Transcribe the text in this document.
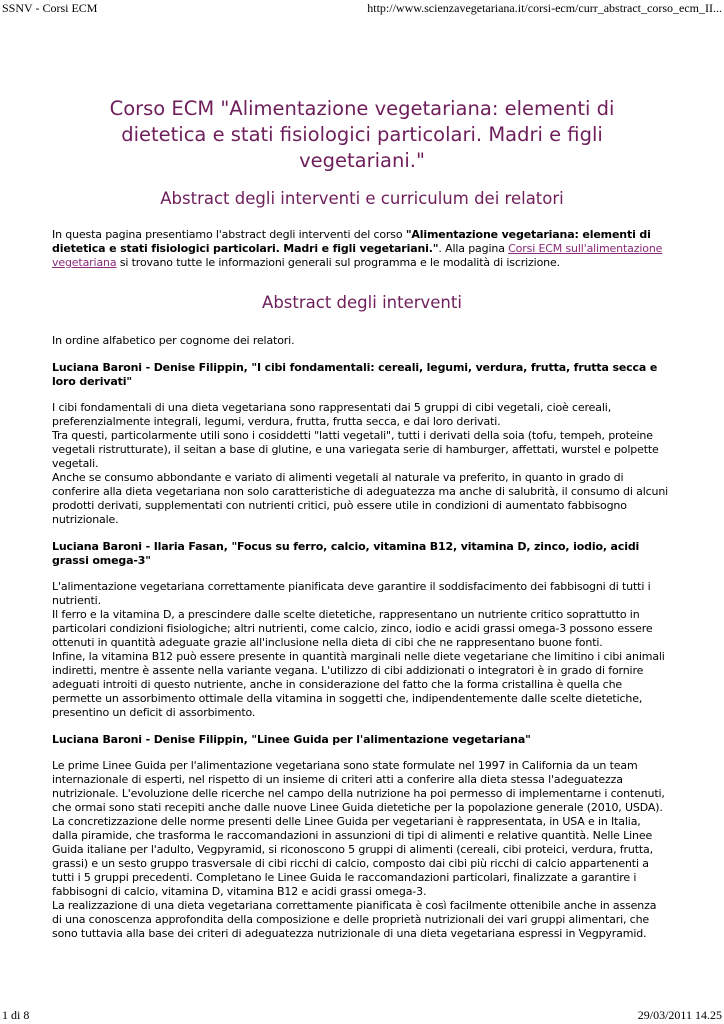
SSNV - Corsi ECM	http://www.scienzavegetariana.it/corsi-ecm/curr_abstract_corso_ecm_II...
Corso ECM "Alimentazione vegetariana: elementi di
dietetica e stati fisiologici particolari. Madri e figli
vegetariani."
Abstract degli interventi e curriculum dei relatori

In questa pagina presentiamo l'abstract degli interventi del corso "Alimentazione vegetariana: elementi di
dietetica e stati fisiologici particolari. Madri e figli vegetariani.". Alla pagina Corsi ECM sull'alimentazione
vegetariana si trovano tutte le informazioni generali sul programma e le modalità di iscrizione.

Abstract degli interventi

In ordine alfabetico per cognome dei relatori.

Luciana Baroni - Denise Filippin, "I cibi fondamentali: cereali, legumi, verdura, frutta, frutta secca e
loro derivati"

I cibi fondamentali di una dieta vegetariana sono rappresentati dai 5 gruppi di cibi vegetali, cioè cereali,
preferenzialmente integrali, legumi, verdura, frutta, frutta secca, e dai loro derivati.
Tra questi, particolarmente utili sono i cosiddetti "latti vegetali", tutti i derivati della soia (tofu, tempeh, proteine
vegetali ristrutturate), il seitan a base di glutine, e una variegata serie di hamburger, affettati, wurstel e polpette
vegetali.
Anche se consumo abbondante e variato di alimenti vegetali al naturale va preferito, in quanto in grado di
conferire alla dieta vegetariana non solo caratteristiche di adeguatezza ma anche di salubrità, il consumo di alcuni
prodotti derivati, supplementati con nutrienti critici, può essere utile in condizioni di aumentato fabbisogno
nutrizionale.

Luciana Baroni - Ilaria Fasan, "Focus su ferro, calcio, vitamina B12, vitamina D, zinco, iodio, acidi
grassi omega-3"

L'alimentazione vegetariana correttamente pianificata deve garantire il soddisfacimento dei fabbisogni di tutti i
nutrienti.
Il ferro e la vitamina D, a prescindere dalle scelte dietetiche, rappresentano un nutriente critico soprattutto in
particolari condizioni fisiologiche; altri nutrienti, come calcio, zinco, iodio e acidi grassi omega-3 possono essere
ottenuti in quantità adeguate grazie all'inclusione nella dieta di cibi che ne rappresentano buone fonti.
Infine, la vitamina B12 può essere presente in quantità marginali nelle diete vegetariane che limitino i cibi animali
indiretti, mentre è assente nella variante vegana. L'utilizzo di cibi addizionati o integratori è in grado di fornire
adeguati introiti di questo nutriente, anche in considerazione del fatto che la forma cristallina è quella che
permette un assorbimento ottimale della vitamina in soggetti che, indipendentemente dalle scelte dietetiche,
presentino un deficit di assorbimento.

Luciana Baroni - Denise Filippin, "Linee Guida per l'alimentazione vegetariana"

Le prime Linee Guida per l'alimentazione vegetariana sono state formulate nel 1997 in California da un team
internazionale di esperti, nel rispetto di un insieme di criteri atti a conferire alla dieta stessa l'adeguatezza
nutrizionale. L'evoluzione delle ricerche nel campo della nutrizione ha poi permesso di implementarne i contenuti,
che ormai sono stati recepiti anche dalle nuove Linee Guida dietetiche per la popolazione generale (2010, USDA).
La concretizzazione delle norme presenti delle Linee Guida per vegetariani è rappresentata, in USA e in Italia,
dalla piramide, che trasforma le raccomandazioni in assunzioni di tipi di alimenti e relative quantità. Nelle Linee
Guida italiane per l'adulto, Vegpyramid, si riconoscono 5 gruppi di alimenti (cereali, cibi proteici, verdura, frutta,
grassi) e un sesto gruppo trasversale di cibi ricchi di calcio, composto dai cibi più ricchi di calcio appartenenti a
tutti i 5 gruppi precedenti. Completano le Linee Guida le raccomandazioni particolari, finalizzate a garantire i
fabbisogni di calcio, vitamina D, vitamina B12 e acidi grassi omega-3.
La realizzazione di una dieta vegetariana correttamente pianificata è così facilmente ottenibile anche in assenza
di una conoscenza approfondita della composizione e delle proprietà nutrizionali dei vari gruppi alimentari, che
sono tuttavia alla base dei criteri di adeguatezza nutrizionale di una dieta vegetariana espressi in Vegpyramid.

1 di 8	29/03/2011 14.25
